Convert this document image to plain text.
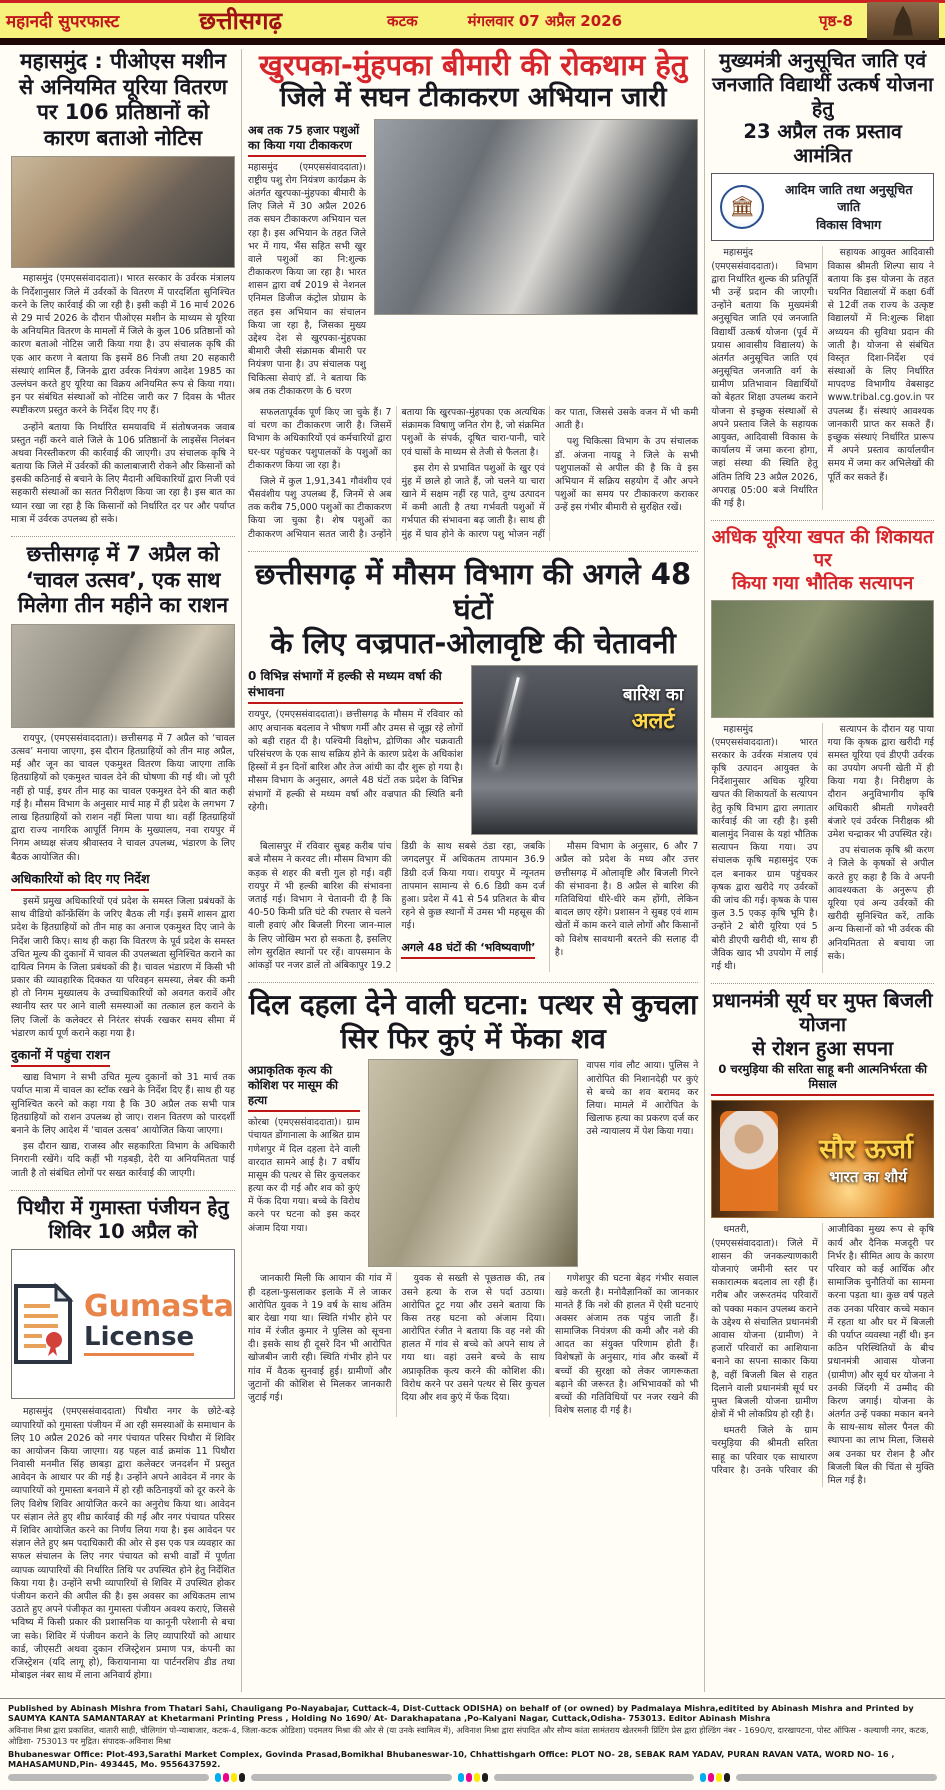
महानदी सुपरफास्ट	छत्तीसगढ़	कटक	मंगलवार 07 अप्रैल 2026	पृष्ठ-8
महासमुंद : पीओएस मशीन से अनियमित यूरिया वितरण पर 106 प्रतिष्ठानों को कारण बताओ नोटिस

महासमुंद (एमएससंवाददाता)। भारत सरकार के उर्वरक मंत्रालय के निर्देशानुसार जिले में उर्वरकों के वितरण में पारदर्शिता सुनिश्चित करने के लिए कार्रवाई की जा रही है। इसी कड़ी में 16 मार्च 2026 से 29 मार्च 2026 के दौरान पीओएस मशीन के माध्यम से यूरिया के अनियमित वितरण के मामलों में जिले के कुल 106 प्रतिष्ठानों को कारण बताओ नोटिस जारी किया गया है। उप संचालक कृषि की एक आर करण ने बताया कि इसमें 86 निजी तथा 20 सहकारी संस्थाएं शामिल हैं, जिनके द्वारा उर्वरक नियंत्रण आदेश 1985 का उल्लंघन करते हुए यूरिया का विक्रय अनियमित रूप से किया गया। इन पर संबंधित संस्थाओं को नोटिस जारी कर 7 दिवस के भीतर स्पष्टीकरण प्रस्तुत करने के निर्देश दिए गए हैं।

उन्होंने बताया कि निर्धारित समयावधि में संतोषजनक जवाब प्रस्तुत नहीं करने वाले जिले के 106 प्रतिष्ठानों के लाइसेंस निलंबन अथवा निरस्तीकरण की कार्रवाई की जाएगी। उप संचालक कृषि ने बताया कि जिले में उर्वरकों की कालाबाजारी रोकने और किसानों को इसकी कठिनाई से बचाने के लिए मैदानी अधिकारियों द्वारा निजी एवं सहकारी संस्थाओं का सतत निरीक्षण किया जा रहा है। इस बात का ध्यान रखा जा रहा है कि किसानों को निर्धारित दर पर और पर्याप्त मात्रा में उर्वरक उपलब्ध हो सके।

छत्तीसगढ़ में 7 अप्रैल को ‘चावल उत्सव’, एक साथ मिलेगा तीन महीने का राशन

रायपुर, (एमएससंवाददाता)। छत्तीसगढ़ में 7 अप्रैल को ‘चावल उत्सव’ मनाया जाएगा, इस दौरान हितग्राहियों को तीन माह अप्रैल, मई और जून का चावल एकमुश्त वितरण किया जाएगा ताकि हितग्राहियों को एकमुश्त चावल देने की घोषणा की गई थी। जो पूरी नहीं हो पाई, इधर तीन माह का चावल एकमुश्त देने की बात कही गई है। मौसम विभाग के अनुसार मार्च माह में ही प्रदेश के लगभग 7 लाख हितग्राहियों को राशन नहीं मिला पाया था। वहीं हितग्राहियों द्वारा राज्य नागरिक आपूर्ति निगम के मुख्यालय, नवा रायपुर में निगम अध्यक्ष संजय श्रीवास्तव ने चावल उपलब्ध, भंडारण के लिए बैठक आयोजित की।

अधिकारियों को दिए गए निर्देश

इसमें प्रमुख अधिकारियों एवं प्रदेश के समस्त जिला प्रबंधकों के साथ वीडियो कॉन्फ्रेंसिंग के जरिए बैठक ली गई। इसमें शासन द्वारा प्रदेश के हितग्राहियों को तीन माह का अनाज एकमुश्त दिए जाने के निर्देश जारी किए। साथ ही कहा कि वितरण के पूर्व प्रदेश के समस्त उचित मूल्य की दुकानों में चावल की उपलब्धता सुनिश्चित कराने का दायित्व निगम के जिला प्रबंधकों की है। चावल भंडारण में किसी भी प्रकार की व्यावहारिक दिक्कत या परिवहन समस्या, लेबर की कमी हो तो निगम मुख्यालय के उच्चाधिकारियों को अवगत करावें और स्थानीय स्तर पर आने वाली समस्याओं का तत्काल हल कराने के लिए जिलों के कलेक्टर से निरंतर संपर्क रखकर समय सीमा में भंडारण कार्य पूर्ण कराने कहा गया है।

दुकानों में पहुंचा राशन

खाद्य विभाग ने सभी उचित मूल्य दुकानों को 31 मार्च तक पर्याप्त मात्रा में चावल का स्टॉक रखने के निर्देश दिए हैं। साथ ही यह सुनिश्चित करने को कहा गया है कि 30 अप्रैल तक सभी पात्र हितग्राहियों को राशन उपलब्ध हो जाए। राशन वितरण को पारदर्शी बनाने के लिए आदेश में ‘चावल उत्सव’ आयोजित किया जाएगा।

इस दौरान खाद्य, राजस्व और सहकारिता विभाग के अधिकारी निगरानी रखेंगे। यदि कहीं भी गड़बड़ी, देरी या अनियमितता पाई जाती है तो संबंधित लोगों पर सख्त कार्रवाई की जाएगी।

पिथौरा में गुमास्ता पंजीयन हेतु शिविर 10 अप्रैल को
Gumasta
License

महासमुंद (एमएससंवाददाता) पिथौरा नगर के छोटे-बड़े व्यापारियों को गुमास्ता पंजीयन में आ रही समस्याओं के समाधान के लिए 10 अप्रैल 2026 को नगर पंचायत परिसर पिथौरा में शिविर का आयोजन किया जाएगा। यह पहल वार्ड क्रमांक 11 पिथौरा निवासी मनमीत सिंह छाबड़ा द्वारा कलेक्टर जनदर्शन में प्रस्तुत आवेदन के आधार पर की गई है। उन्होंने अपने आवेदन में नगर के व्यापारियों को गुमास्ता बनवाने में हो रही कठिनाइयों को दूर करने के लिए विशेष शिविर आयोजित करने का अनुरोध किया था। आवेदन पर संज्ञान लेते हुए शीघ्र कार्रवाई की गई और नगर पंचायत परिसर में शिविर आयोजित करने का निर्णय लिया गया है। इस आवेदन पर संज्ञान लेते हुए श्रम पदाधिकारी की ओर से इस एक पत्र व्यवहार का सफल संचालन के लिए नगर पंचायत को सभी वार्डों में पूर्णता व्यापक व्यापारियों की निर्धारित तिथि पर उपस्थित होने हेतु निर्देशित किया गया है। उन्होंने सभी व्यापारियों से शिविर में उपस्थित होकर पंजीयन कराने की अपील की है। इस अवसर का अधिकतम लाभ उठाते हुए अपने पंजीकृत का गुमास्ता पंजीयन अवश्य कराएं, जिससे भविष्य में किसी प्रकार की प्रशासनिक या कानूनी परेशानी से बचा जा सके। शिविर में पंजीयन कराने के लिए व्यापारियों को आधार कार्ड, जीएसटी अथवा दुकान रजिस्ट्रेशन प्रमाण पत्र, कंपनी का रजिस्ट्रेशन (यदि लागू हो), किरायानामा या पार्टनरशिप डीड तथा मोबाइल नंबर साथ में लाना अनिवार्य होगा।

खुरपका-मुंहपका बीमारी की रोकथाम हेतु
जिले में सघन टीकाकरण अभियान जारी
अब तक 75 हजार पशुओं का किया गया टीकाकरण

महासमुंद (एमएससंवाददाता)। राष्ट्रीय पशु रोग नियंत्रण कार्यक्रम के अंतर्गत खुरपका-मुंहपका बीमारी के लिए जिले में 30 अप्रैल 2026 तक सघन टीकाकरण अभियान चल रहा है। इस अभियान के तहत जिले भर में गाय, भैंस सहित सभी खुर वाले पशुओं का नि:शुल्क टीकाकरण किया जा रहा है। भारत शासन द्वारा वर्ष 2019 से नेशनल एनिमल डिजीज कंट्रोल प्रोग्राम के तहत इस अभियान का संचालन किया जा रहा है, जिसका मुख्य उद्देश्य देश से खुरपका-मुंहपका बीमारी जैसी संक्रामक बीमारी पर नियंत्रण पाना है। उप संचालक पशु चिकित्सा सेवाएं डॉ. ने बताया कि अब तक टीकाकरण के 6 चरण

सफलतापूर्वक पूर्ण किए जा चुके हैं। 7 वां चरण का टीकाकरण जारी है। जिसमें विभाग के अधिकारियों एवं कर्मचारियों द्वारा घर-घर पहुंचकर पशुपालकों के पशुओं का टीकाकरण किया जा रहा है।

जिले में कुल 1,91,341 गौवंशीय एवं भैंसवंशीय पशु उपलब्ध हैं, जिनमें से अब तक करीब 75,000 पशुओं का टीकाकरण किया जा चुका है। शेष पशुओं का टीकाकरण अभियान सतत जारी है। उन्होंने बताया कि खुरपका-मुंहपका एक अत्यधिक संक्रामक विषाणु जनित रोग है, जो संक्रमित पशुओं के संपर्क, दूषित चारा-पानी, चारे एवं घासों के माध्यम से तेजी से फैलता है।

इस रोग से प्रभावित पशुओं के खुर एवं मुंह में छाले हो जाते हैं, जो चलने या चारा खाने में सक्षम नहीं रह पाते, दुग्ध उत्पादन में कमी आती है तथा गर्भवती पशुओं में गर्भपात की संभावना बढ़ जाती है। साथ ही मुंह में घाव होने के कारण पशु भोजन नहीं कर पाता, जिससे उसके वजन में भी कमी आती है।

पशु चिकित्सा विभाग के उप संचालक डॉ. अंजना नायडू ने जिले के सभी पशुपालकों से अपील की है कि वे इस अभियान में सक्रिय सहयोग दें और अपने पशुओं का समय पर टीकाकरण कराकर उन्हें इस गंभीर बीमारी से सुरक्षित रखें।

छत्तीसगढ़ में मौसम विभाग की अगले 48 घंटों
के लिए वज्रपात-ओलावृष्टि की चेतावनी
0 विभिन्न संभागों में हल्की से मध्यम वर्षा की संभावना

रायपुर, (एमएससंवाददाता)। छत्तीसगढ़ के मौसम में रविवार को आए अचानक बदलाव ने भीषण गर्मी और उमस से जूझ रहे लोगों को बड़ी राहत दी है। पश्चिमी विक्षोभ, द्रोणिका और चक्रवाती परिसंचरण के एक साथ सक्रिय होने के कारण प्रदेश के अधिकांश हिस्सों में इन दिनों बारिश और तेज आंधी का दौर शुरू हो गया है। मौसम विभाग के अनुसार, अगले 48 घंटों तक प्रदेश के विभिन्न संभागों में हल्की से मध्यम वर्षा और वज्रपात की स्थिति बनी रहेगी।

बारिश का
अलर्ट

बिलासपुर में रविवार सुबह करीब पांच बजे मौसम ने करवट ली। मौसम विभाग की कड़क से शहर की बत्ती गुल हो गई। वहीं रायपुर में भी हल्की बारिश की संभावना जताई गई। विभाग ने चेतावनी दी है कि 40-50 किमी प्रति घंटे की रफ्तार से चलने वाली हवाएं और बिजली गिरना जान-माल के लिए जोखिम भरा हो सकता है, इसलिए लोग सुरक्षित स्थानों पर रहें। वापसमान के आंकड़ों पर नजर डालें तो अंबिकापुर 19.2 डिग्री के साथ सबसे ठंडा रहा, जबकि जगदलपुर में अधिकतम तापमान 36.9 डिग्री दर्ज किया गया। रायपुर में न्यूनतम तापमान सामान्य से 6.6 डिग्री कम दर्ज हुआ। प्रदेश में 41 से 54 प्रतिशत के बीच रहने से कुछ स्थानों में उमस भी महसूस की गई।

अगले 48 घंटों की ‘भविष्यवाणी’

मौसम विभाग के अनुसार, 6 और 7 अप्रैल को प्रदेश के मध्य और उत्तर छत्तीसगढ़ में ओलावृष्टि और बिजली गिरने की संभावना है। 8 अप्रैल से बारिश की गतिविधियां धीरे-धीरे कम होंगी, लेकिन बादल छाए रहेंगे। प्रशासन ने सुबह एवं शाम खेतों में काम करने वाले लोगों और किसानों को विशेष सावधानी बरतने की सलाह दी है।

दिल दहला देने वाली घटना: पत्थर से कुचला
सिर फिर कुएं में फेंका शव
अप्राकृतिक कृत्य की कोशिश पर मासूम की हत्या

कोरबा (एमएससंवाददाता)। ग्राम पंचायत डोंगानाला के आश्रित ग्राम गणेशपुर में दिल दहला देने वाली वारदात सामने आई है। 7 वर्षीय मासूम की पत्थर से सिर कुचलकर हत्या कर दी गई और शव को कुएं में फेंक दिया गया। बच्चे के विरोध करने पर घटना को इस कदर अंजाम दिया गया।

वापस गांव लौट आया। पुलिस ने आरोपित की निशानदेही पर कुएं से बच्चे का शव बरामद कर लिया। मामले में आरोपित के खिलाफ हत्या का प्रकरण दर्ज कर उसे न्यायालय में पेश किया गया।

जानकारी मिली कि आयान की गांव में ही दहला-फुसलाकर इलाके में ले जाकर आरोपित युवक ने 19 वर्ष के साथ अंतिम बार देखा गया था। स्थिति गंभीर होने पर गांव में रंजीत कुमार ने पुलिस को सूचना दी। इसके साथ ही दूसरे दिन भी आरोपित खोजबीन जारी रही। स्थिति गंभीर होने पर गांव में वैठक सुनवाई हुई। ग्रामीणों और जुटानों की कोशिश से मिलकर जानकारी जुटाई गई।

युवक से सख्ती से पूछताछ की, तब उसने हत्या के राज से पर्दा उठाया। आरोपित टूट गया और उसने बताया कि किस तरह घटना को अंजाम दिया। आरोपित रंजीत ने बताया कि वह नशे की हालत में गांव से बच्चे को अपने साथ ले गया था। वहां उसने बच्चे के साथ अप्राकृतिक कृत्य करने की कोशिश की। विरोध करने पर उसने पत्थर से सिर कुचल दिया और शव कुएं में फेंक दिया।

गणेशपुर की घटना बेहद गंभीर सवाल खड़े करती है। मनोवैज्ञानिकों का जानकार मानते हैं कि नशे की हालत में ऐसी घटनाएं अक्सर अंजाम तक पहुंच जाती हैं। सामाजिक नियंत्रण की कमी और नशे की आदत का संयुक्त परिणाम होती हैं। विशेषज्ञों के अनुसार, गांव और कस्बों में बच्चों की सुरक्षा को लेकर जागरूकता बढ़ाने की जरूरत है। अभिभावकों को भी बच्चों की गतिविधियों पर नजर रखने की विशेष सलाह दी गई है।

मुख्यमंत्री अनुसूचित जाति एवं
जनजाति विद्यार्थी उत्कर्ष योजना हेतु
23 अप्रैल तक प्रस्ताव आमंत्रित
🏛
आदिम जाति तथा अनुसूचित जाति
विकास विभाग

महासमुंद (एमएससंवाददाता)। विभाग द्वारा निर्धारित शुल्क की प्रतिपूर्ति भी उन्हें प्रदान की जाएगी। उन्होंने बताया कि मुख्यमंत्री अनुसूचित जाति एवं जनजाति विद्यार्थी उत्कर्ष योजना (पूर्व में प्रयास आवासीय विद्यालय) के अंतर्गत अनुसूचित जाति एवं अनुसूचित जनजाति वर्ग के ग्रामीण प्रतिभावान विद्यार्थियों को बेहतर शिक्षा उपलब्ध कराने योजना से इच्छुक संस्थाओं से अपने प्रस्ताव जिले के सहायक आयुक्त, आदिवासी विकास के कार्यालय में जमा करना होगा, जहां संस्था की स्थिति हेतु अंतिम तिथि 23 अप्रैल 2026, अपराह्न 05:00 बजे निर्धारित की गई है।

सहायक आयुक्त आदिवासी विकास श्रीमती शिल्पा साय ने बताया कि इस योजना के तहत चयनित विद्यालयों में कक्षा 6वीं से 12वीं तक राज्य के उत्कृष्ट विद्यालयों में नि:शुल्क शिक्षा अध्ययन की सुविधा प्रदान की जाती है। योजना से संबंधित विस्तृत दिशा-निर्देश एवं संस्थाओं के लिए निर्धारित मापदण्ड विभागीय वेबसाइट www.tribal.cg.gov.in पर उपलब्ध हैं। संस्थाएं आवश्यक जानकारी प्राप्त कर सकते हैं। इच्छुक संस्थाएं निर्धारित प्रारूप में अपने प्रस्ताव कार्यालयीन समय में जमा कर अभिलेखों की पूर्ति कर सकते हैं।

अधिक यूरिया खपत की शिकायत पर
किया गया भौतिक सत्यापन

महासमुंद (एमएससंवाददाता)। भारत सरकार के उर्वरक मंत्रालय एवं कृषि उत्पादन आयुक्त के निर्देशानुसार अधिक यूरिया खपत की शिकायतों के सत्यापन हेतु कृषि विभाग द्वारा लगातार कार्रवाई की जा रही है। इसी बालामुंद निवास के यहां भौतिक सत्यापन किया गया। उप संचालक कृषि महासमुंद एक दल बनाकर ग्राम पहुंचकर कृषक द्वारा खरीदे गए उर्वरकों की जांच की गई। कृषक के पास कुल 3.5 एकड़ कृषि भूमि है। उन्होंने 2 बोरी यूरिया एवं 5 बोरी डीएपी खरीदी थी, साथ ही जैविक खाद भी उपयोग में लाई गई थी।

सत्यापन के दौरान यह पाया गया कि कृषक द्वारा खरीदी गई समस्त यूरिया एवं डीएपी उर्वरक का उपयोग अपनी खेती में ही किया गया है। निरीक्षण के दौरान अनुविभागीय कृषि अधिकारी श्रीमती गणेश्वरी बंजारे एवं उर्वरक निरीक्षक श्री उमेश चन्द्राकर भी उपस्थित रहे।

उप संचालक कृषि श्री करण ने जिले के कृषकों से अपील करते हुए कहा है कि वे अपनी आवश्यकता के अनुरूप ही यूरिया एवं अन्य उर्वरकों की खरीदी सुनिश्चित करें, ताकि अन्य किसानों को भी उर्वरक की अनियमितता से बचाया जा सके।

प्रधानमंत्री सूर्य घर मुफ्त बिजली योजना
से रोशन हुआ सपना
0 चरमुड़िया की सरिता साहू बनी आत्मनिर्भरता की मिसाल
सौर ऊर्जा
भारत का शौर्य

धमतरी, (एमएससंवाददाता)। जिले में शासन की जनकल्याणकारी योजनाएं जमीनी स्तर पर सकारात्मक बदलाव ला रही हैं। गरीब और जरूरतमंद परिवारों को पक्का मकान उपलब्ध कराने के उद्देश्य से संचालित प्रधानमंत्री आवास योजना (ग्रामीण) ने हजारों परिवारों का आशियाना बनाने का सपना साकार किया है, वहीं बिजली बिल से राहत दिलाने वाली प्रधानमंत्री सूर्य घर मुफ्त बिजली योजना ग्रामीण क्षेत्रों में भी लोकप्रिय हो रही है।

धमतरी जिले के ग्राम चरमुड़िया की श्रीमती सरिता साहू का परिवार एक साधारण परिवार है। उनके परिवार की आजीविका मुख्य रूप से कृषि कार्य और दैनिक मजदूरी पर निर्भर है। सीमित आय के कारण परिवार को कई आर्थिक और सामाजिक चुनौतियों का सामना करना पड़ता था। कुछ वर्ष पहले तक उनका परिवार कच्चे मकान में रहता था और घर में बिजली की पर्याप्त व्यवस्था नहीं थी। इन कठिन परिस्थितियों के बीच प्रधानमंत्री आवास योजना (ग्रामीण) और सूर्य घर योजना ने उनकी जिंदगी में उम्मीद की किरण जगाई। योजना के अंतर्गत उन्हें पक्का मकान बनने के साथ-साथ सोलर पैनल की स्थापना का लाभ मिला, जिससे अब उनका घर रोशन है और बिजली बिल की चिंता से मुक्ति मिल गई है।

Published by Abinash Mishra from Thatari Sahi, Chauligang Po-Nayabajar, Cuttack-4, Dist-Cuttack ODISHA) on behalf of (or owned) by Padmalaya Mishra,editited by Abinash Mishra and Printed by SAUMYA KANTA SAMANTARAY at Khetarmani Printing Press , Holding No 1690/ At- Darakhapatana ,Po-Kalyani Nagar, Cuttack,Odisha- 753013. Editor Abinash Mishra
अविनाश मिश्रा द्वारा प्रकाशित, थातारी साही, चौलिगांग पो-न्याबाजार, कटक-4, जिला-कटक ओडिशा) पदमलय मिश्रा की ओर से (या उनके स्वामित्व में), अविनाश मिश्रा द्वारा संपादित और सौम्य कांता सामंतराय खेतरमनी प्रिंटिंग प्रेस द्वारा होल्डिंग नंबर - 1690/ए, दारखापटना, पोस्ट ऑफिस - कल्याणी नगर, कटक, ओडिशा- 753013 पर मुद्रित। संपादक-अविनाश मिश्रा
Bhubaneswar Office: Plot-493,Sarathi Market Complex, Govinda Prasad,Bomikhal Bhubaneswar-10, Chhattishgarh Office: PLOT NO- 28, SEBAK RAM YADAV, PURAN RAVAN VATA, WORD NO- 16 , MAHASAMUND,Pin- 493445, Mo. 9556437592.
